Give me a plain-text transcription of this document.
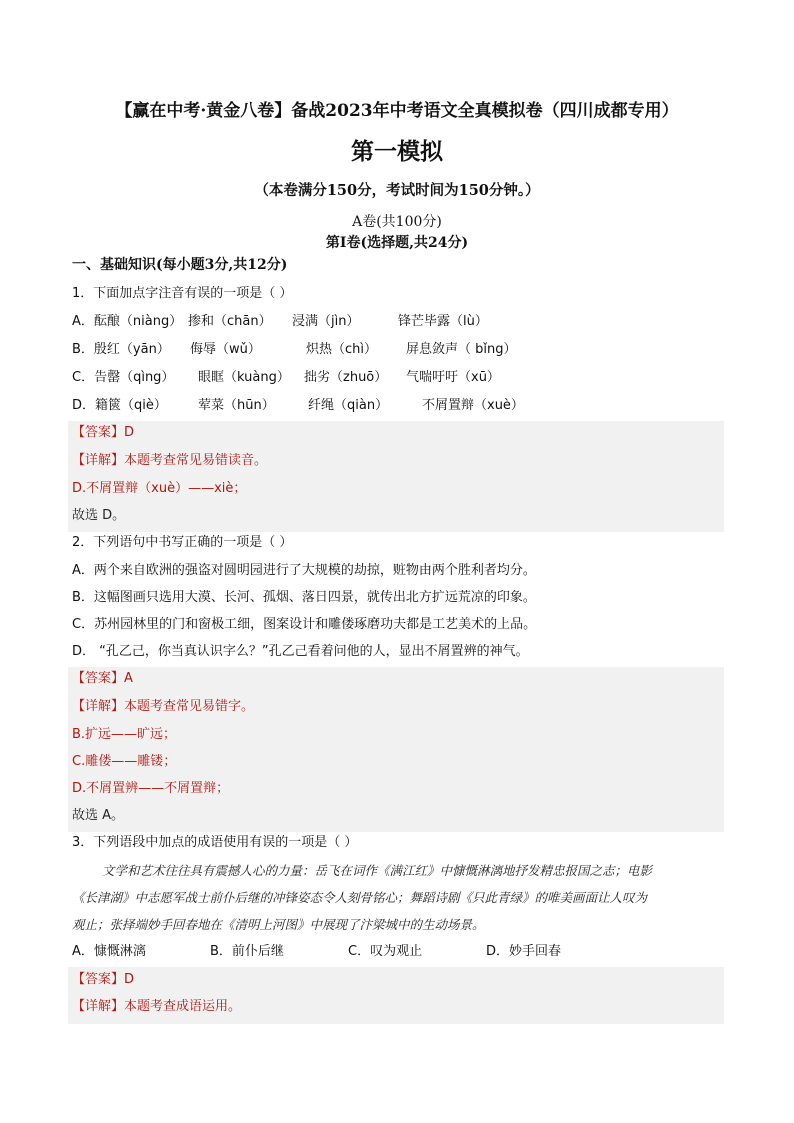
【赢在中考·黄金八卷】备战2023年中考语文全真模拟卷（四川成都专用）
第一模拟
（本卷满分150分，考试时间为150分钟。）
A卷(共100分)
第Ⅰ卷(选择题,共24分)
一、基础知识(每小题3分,共12分)
1．下面加点字注音有误的一项是（ ）
A．酝酿（niàng） 掺和（chān） 浸满（jìn）	锋芒毕露（lù）
B．殷红（yān） 侮辱（wǔ）	炽热（chì） 屏息敛声（ bǐng）
C．告罄（qìng） 眼眶（kuàng） 拙劣（zhuō） 气喘吁吁（xū）
D．籍篋（qiè） 荤菜（hūn）	纤绳（qiàn）	不屑置辩（xuè）
【答案】D
【详解】本题考查常见易错读音。
D.不屑置辩（xuè）——xiè；
故选 D。
2．下列语句中书写正确的一项是（ ）
A．两个来自欧洲的强盗对圆明园进行了大规模的劫掠，赃物由两个胜利者均分。
B．这幅图画只选用大漠、长河、孤烟、落日四景，就传出北方扩远荒凉的印象。
C．苏州园林里的门和窗极工细，图案设计和雕偻琢磨功夫都是工艺美术的上品。
D． “孔乙己，你当真认识字么？”孔乙己看着问他的人，显出不屑置辨的神气。
【答案】A
【详解】本题考查常见易错字。
B.扩远——旷远；
C.雕偻——雕镂；
D.不屑置辨——不屑置辩；
故选 A。
3．下列语段中加点的成语使用有误的一项是（ ）
文学和艺术往往具有震撼人心的力量：岳飞在词作《满江红》中慷慨淋漓地抒发精忠报国之志；电影
《长津湖》中志愿军战士前仆后继的冲锋姿态令人刻骨铭心；舞蹈诗剧《只此青绿》的唯美画面让人叹为
观止；张择端妙手回春地在《清明上河图》中展现了汴梁城中的生动场景。
A．慷慨淋漓	B．前仆后继	C．叹为观止	D．妙手回春
【答案】D
【详解】本题考查成语运用。
